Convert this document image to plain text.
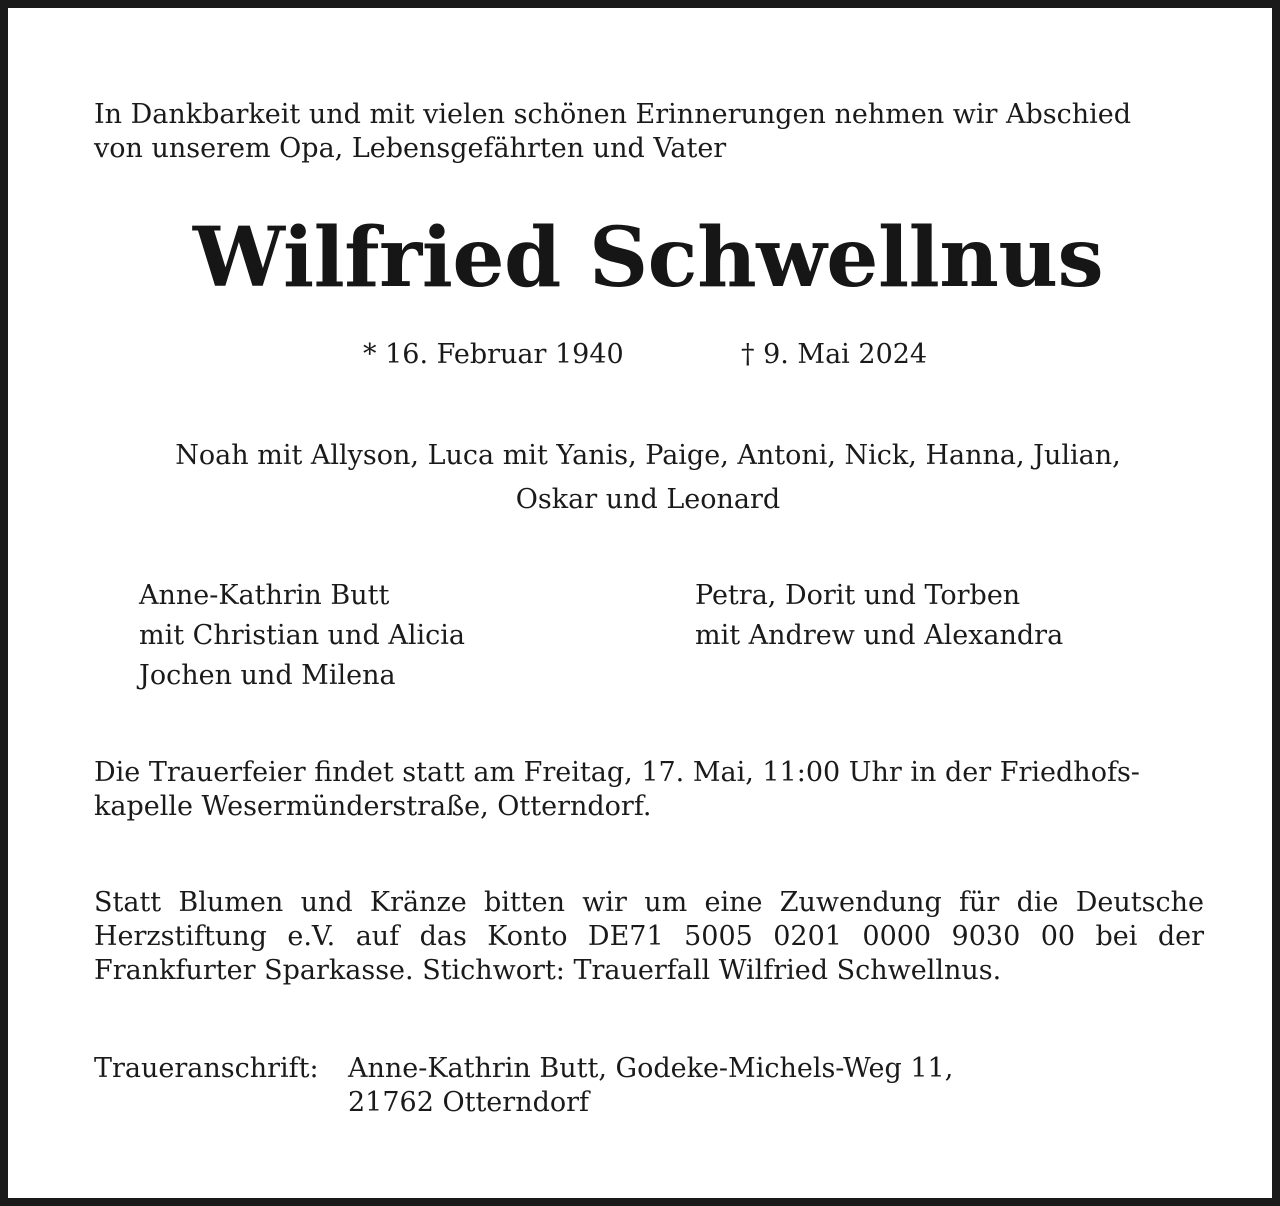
In Dankbarkeit und mit vielen schönen Erinnerungen nehmen wir Abschied
von unserem Opa, Lebensgefährten und Vater

Wilfried Schwellnus
* 16. Februar 1940	† 9. Mai 2024

Noah mit Allyson, Luca mit Yanis, Paige, Antoni, Nick, Hanna, Julian,
Oskar und Leonard

Anne-Kathrin Butt
mit Christian und Alicia
Jochen und Milena
Petra, Dorit und Torben
mit Andrew und Alexandra

Die Trauerfeier findet statt am Freitag, 17. Mai, 11:00 Uhr in der Friedhofs-
kapelle Wesermünderstraße, Otterndorf.

Statt Blumen und Kränze bitten wir um eine Zuwendung für die Deutsche Herzstiftung e.V. auf das Konto DE71 5005 0201 0000 9030 00 bei der Frankfurter Sparkasse. Stichwort: Trauerfall Wilfried Schwellnus.

Traueranschrift:	Anne-Kathrin Butt, Godeke-Michels-Weg 11,
21762 Otterndorf
